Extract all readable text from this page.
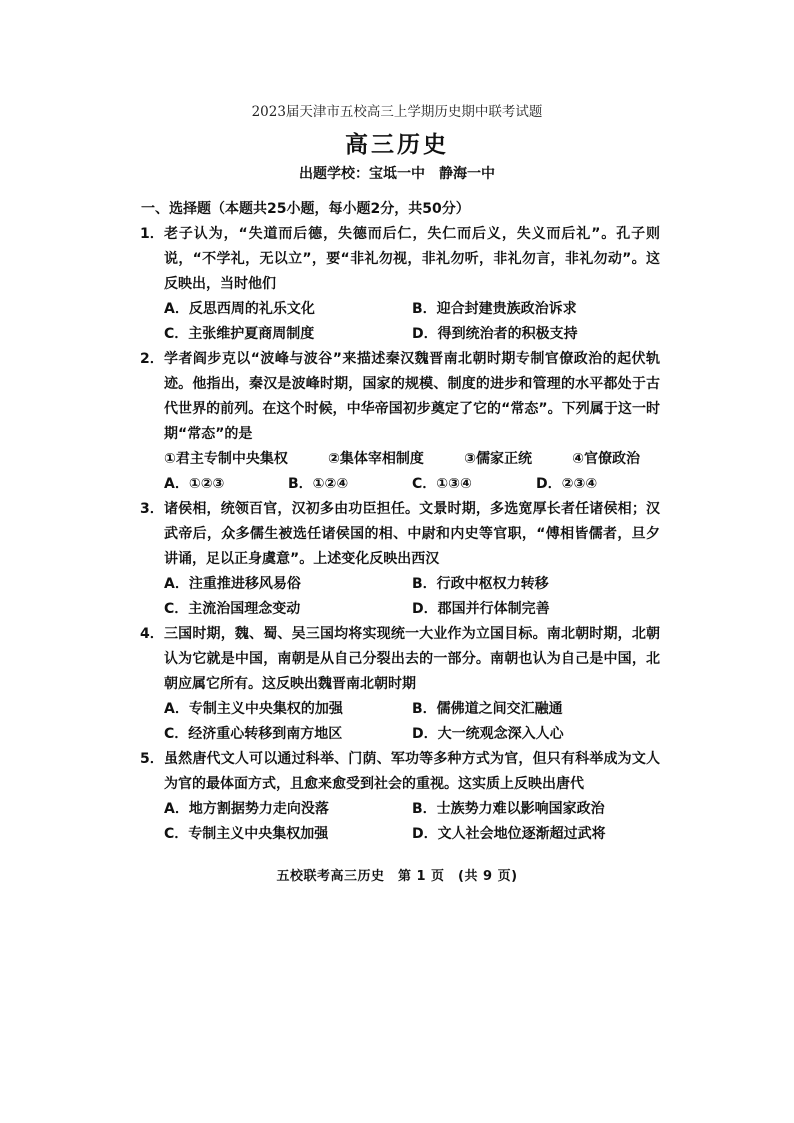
2023届天津市五校高三上学期历史期中联考试题
高三历史
出题学校：宝坻一中　静海一中
一、选择题（本题共25小题，每小题2分，共50分）
1． 老子认为，“失道而后德，失德而后仁，失仁而后义，失义而后礼”。孔子则说，“不学礼，无以立”，要“非礼勿视，非礼勿听，非礼勿言，非礼勿动”。这反映出，当时他们
A．反思西周的礼乐文化	B．迎合封建贵族政治诉求
C．主张维护夏商周制度	D．得到统治者的积极支持
2． 学者阎步克以“波峰与波谷”来描述秦汉魏晋南北朝时期专制官僚政治的起伏轨迹。他指出，秦汉是波峰时期，国家的规模、制度的进步和管理的水平都处于古代世界的前列。在这个时候，中华帝国初步奠定了它的“常态”。下列属于这一时期“常态”的是
①君主专制中央集权	②集体宰相制度	③儒家正统	④官僚政治
A．①②③	B．①②④	C．①③④	D．②③④
3． 诸侯相，统领百官，汉初多由功臣担任。文景时期，多选宽厚长者任诸侯相；汉武帝后，众多儒生被选任诸侯国的相、中尉和内史等官职，“傅相皆儒者，旦夕讲诵，足以正身虞意”。上述变化反映出西汉
A．注重推进移风易俗	B．行政中枢权力转移
C．主流治国理念变动	D．郡国并行体制完善
4． 三国时期，魏、蜀、吴三国均将实现统一大业作为立国目标。南北朝时期，北朝认为它就是中国，南朝是从自己分裂出去的一部分。南朝也认为自己是中国，北朝应属它所有。这反映出魏晋南北朝时期
A．专制主义中央集权的加强	B．儒佛道之间交汇融通
C．经济重心转移到南方地区	D．大一统观念深入人心
5． 虽然唐代文人可以通过科举、门荫、军功等多种方式为官，但只有科举成为文人为官的最体面方式，且愈来愈受到社会的重视。这实质上反映出唐代
A．地方割据势力走向没落	B．士族势力难以影响国家政治
C．专制主义中央集权加强	D．文人社会地位逐渐超过武将
五校联考高三历史　第 1 页　(共 9 页)
